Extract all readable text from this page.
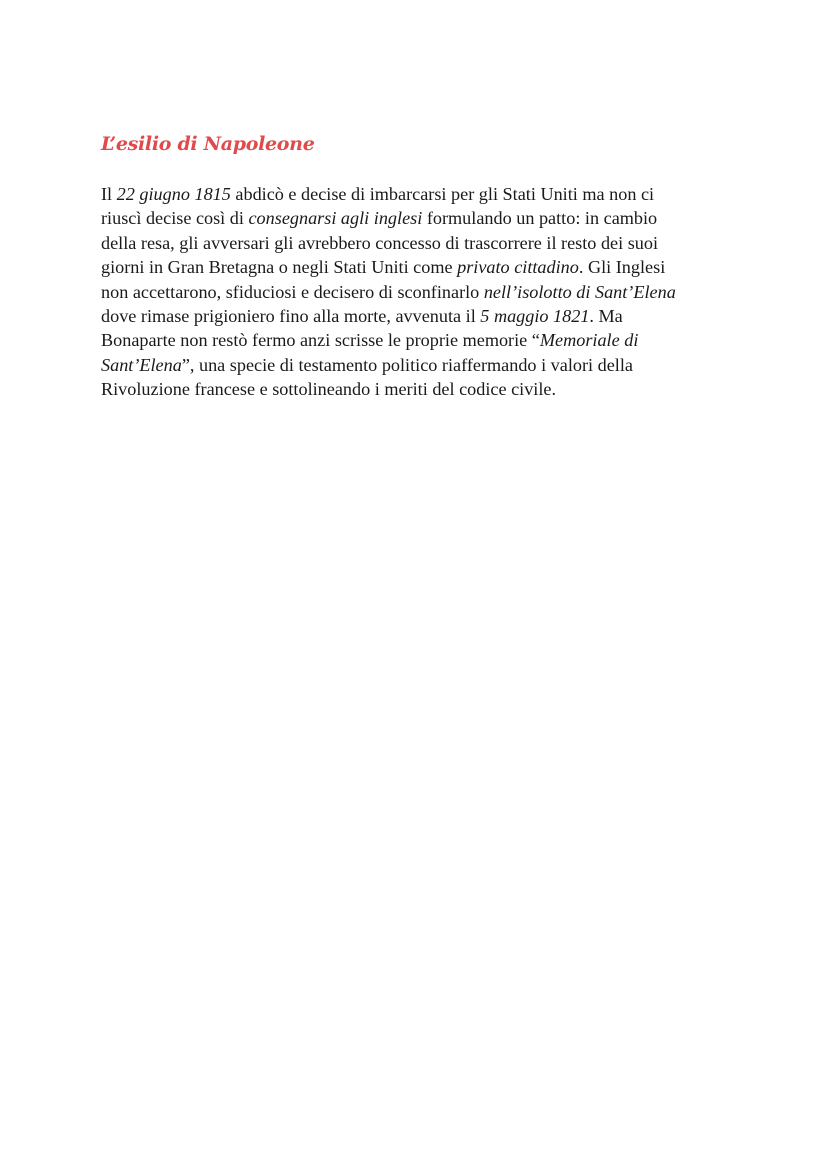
L’esilio di Napoleone

Il 22 giugno 1815 abdicò e decise di imbarcarsi per gli Stati Uniti ma non ci
riuscì decise così di consegnarsi agli inglesi formulando un patto: in cambio
della resa, gli avversari gli avrebbero concesso di trascorrere il resto dei suoi
giorni in Gran Bretagna o negli Stati Uniti come privato cittadino. Gli Inglesi
non accettarono, sfiduciosi e decisero di sconfinarlo nell’isolotto di Sant’Elena
dove rimase prigioniero fino alla morte, avvenuta il 5 maggio 1821. Ma
Bonaparte non restò fermo anzi scrisse le proprie memorie “Memoriale di
Sant’Elena”, una specie di testamento politico riaffermando i valori della
Rivoluzione francese e sottolineando i meriti del codice civile.
